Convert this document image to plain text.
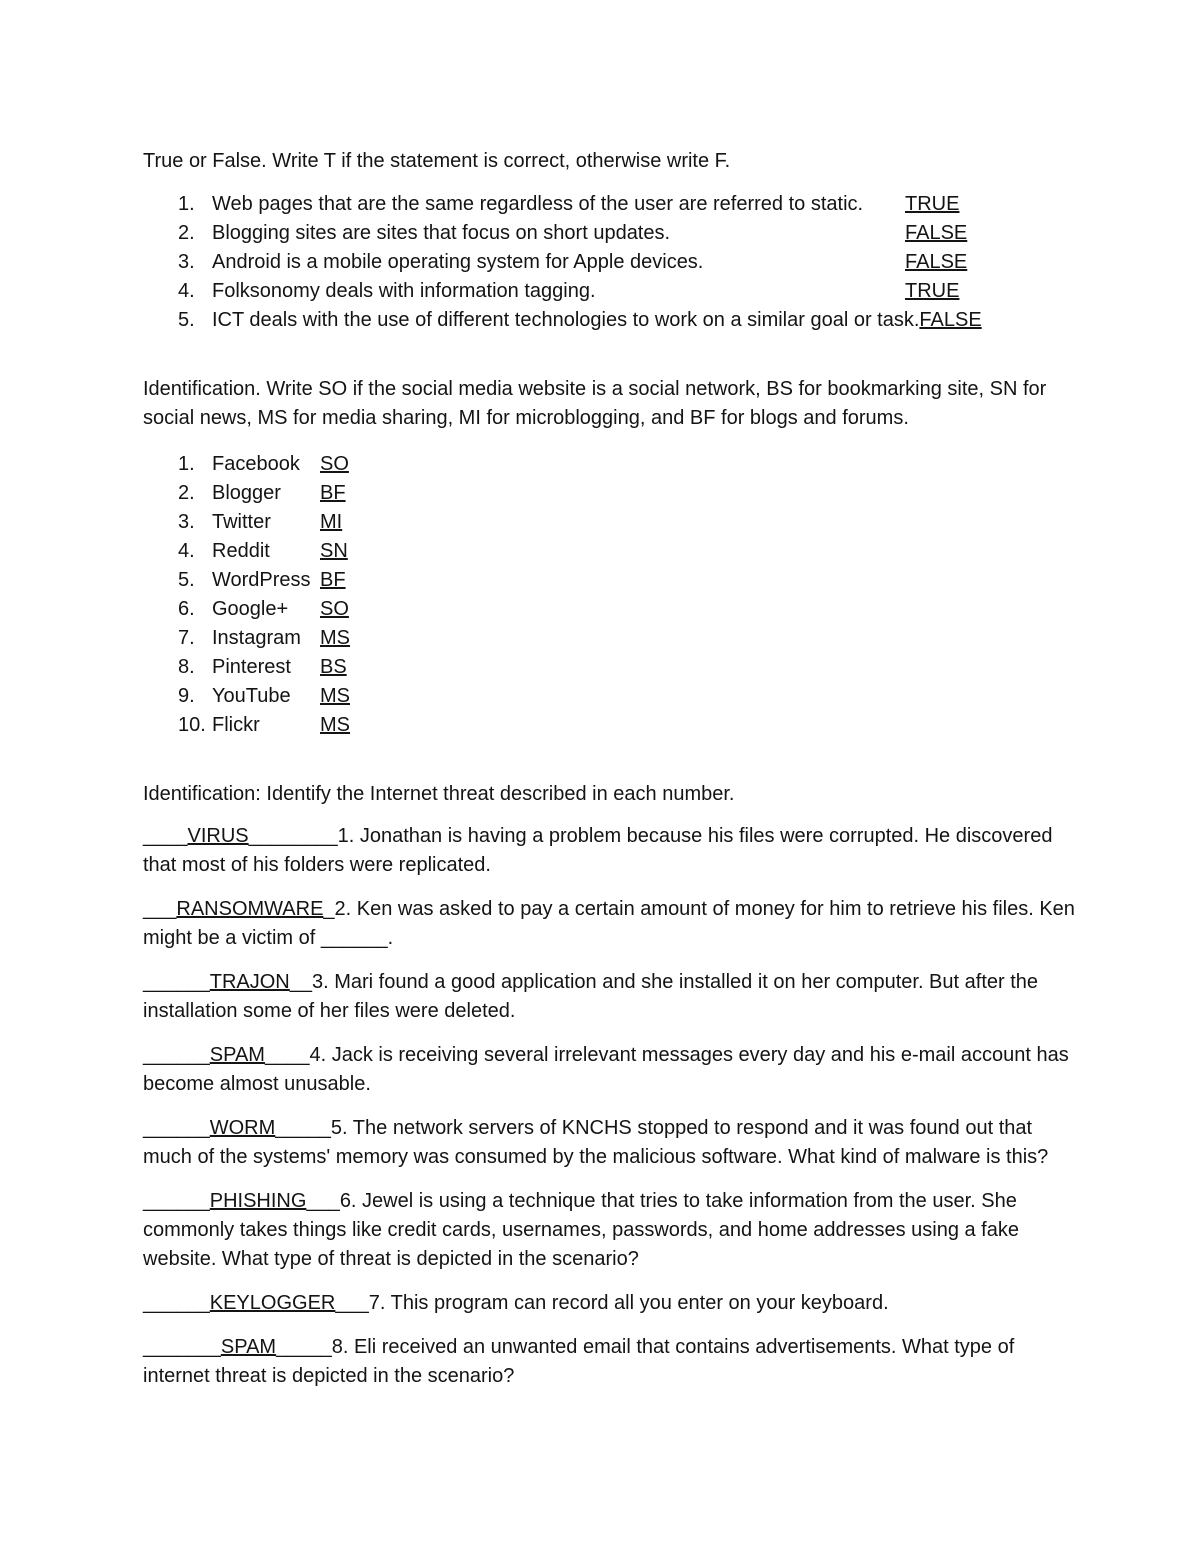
True or False. Write T if the statement is correct, otherwise write F.

1. Web pages that are the same regardless of the user are referred to static.	TRUE
2. Blogging sites are sites that focus on short updates.	FALSE
3. Android is a mobile operating system for Apple devices.	FALSE
4. Folksonomy deals with information tagging.	TRUE
5. ICT deals with the use of different technologies to work on a similar goal or task. FALSE

Identification. Write SO if the social media website is a social network, BS for bookmarking site, SN for social news, MS for media sharing, MI for microblogging, and BF for blogs and forums.

1. Facebook	SO
2. Blogger	BF
3. Twitter	MI
4. Reddit	SN
5. WordPress BF
6. Google+	SO
7. Instagram MS
8. Pinterest	BS
9. YouTube	MS
10. Flickr	MS

Identification: Identify the Internet threat described in each number.

____VIRUS________1. Jonathan is having a problem because his files were corrupted. He discovered that most of his folders were replicated.

___RANSOMWARE_2. Ken was asked to pay a certain amount of money for him to retrieve his files. Ken might be a victim of ______.

______TRAJON__3. Mari found a good application and she installed it on her computer. But after the installation some of her files were deleted.

______SPAM____4. Jack is receiving several irrelevant messages every day and his e-mail account has become almost unusable.

______WORM_____5. The network servers of KNCHS stopped to respond and it was found out that much of the systems' memory was consumed by the malicious software. What kind of malware is this?

______PHISHING___6. Jewel is using a technique that tries to take information from the user. She commonly takes things like credit cards, usernames, passwords, and home addresses using a fake website. What type of threat is depicted in the scenario?

______KEYLOGGER___7. This program can record all you enter on your keyboard.

_______SPAM_____8. Eli received an unwanted email that contains advertisements. What type of internet threat is depicted in the scenario?
